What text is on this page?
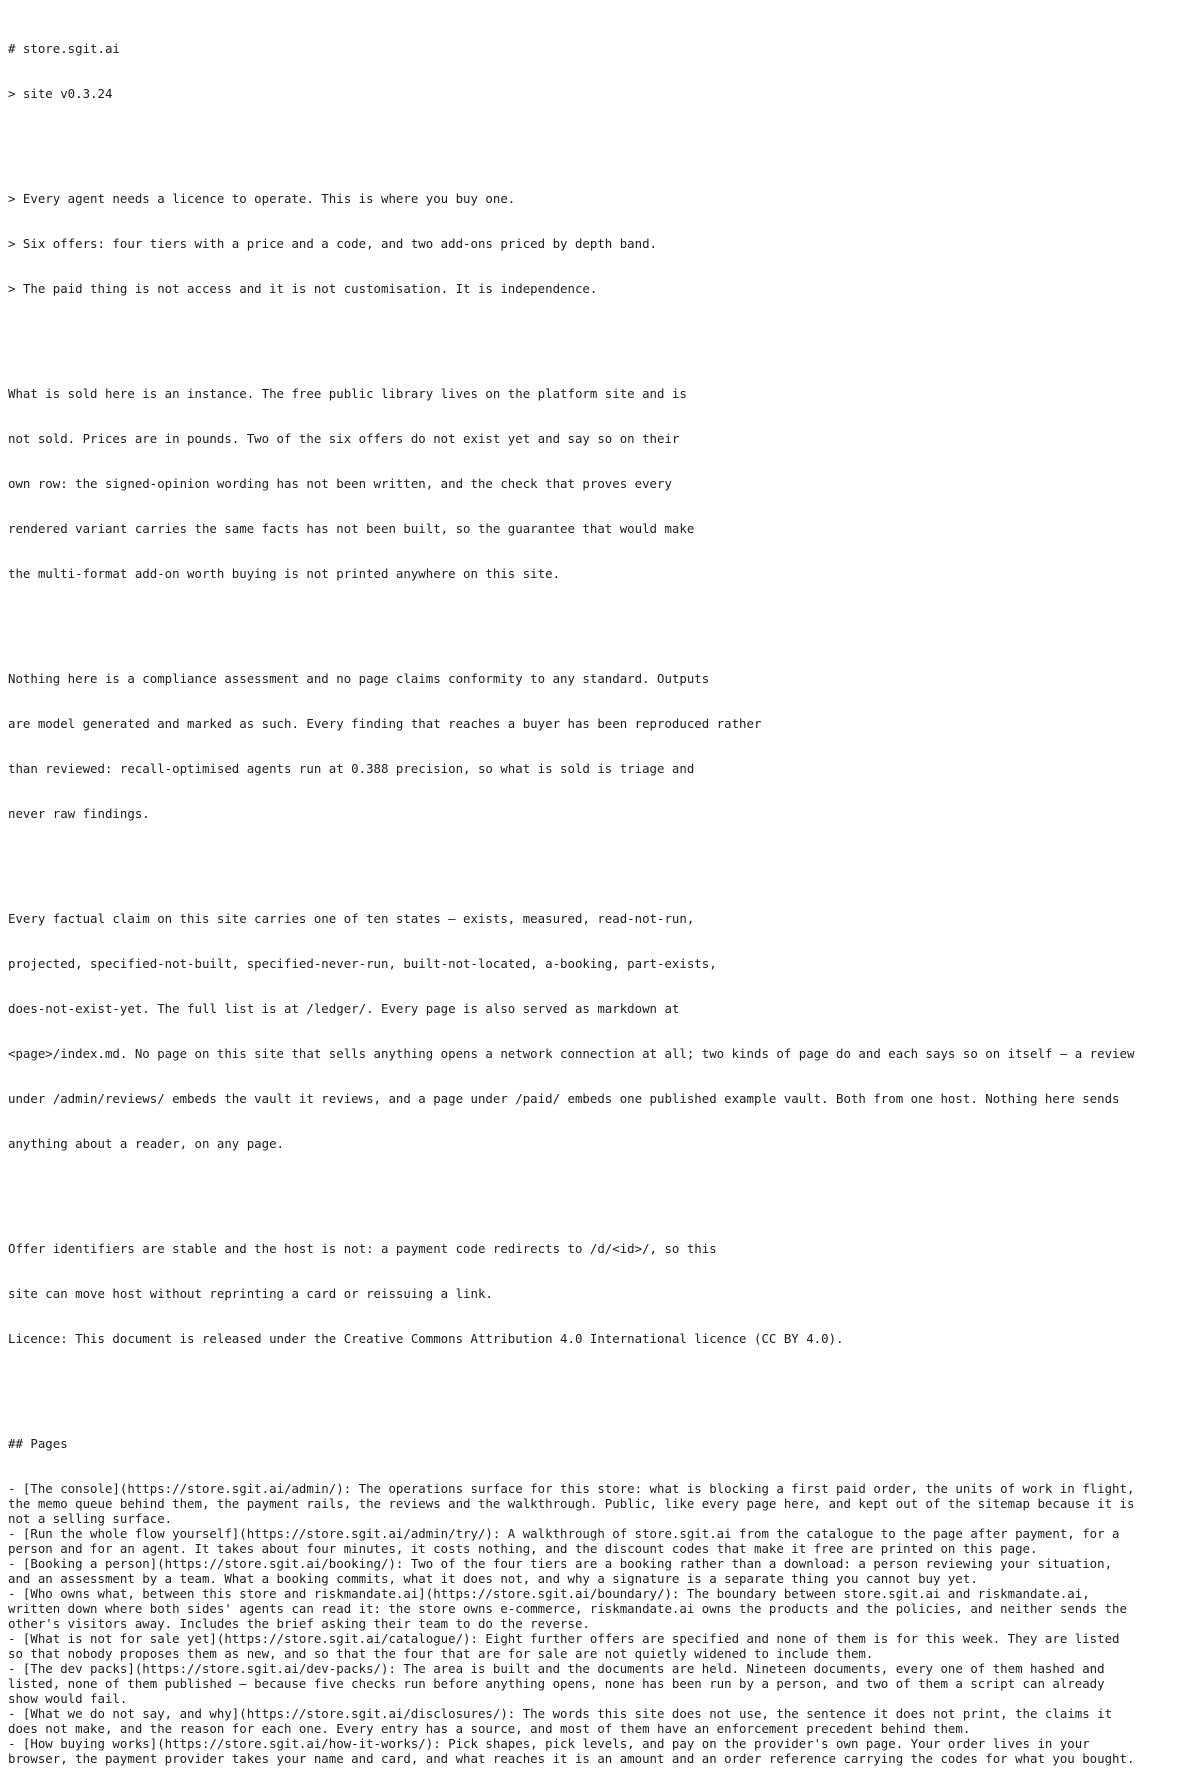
# store.sgit.ai

> site v0.3.24

> Every agent needs a licence to operate. This is where you buy one.

> Six offers: four tiers with a price and a code, and two add-ons priced by depth band.

> The paid thing is not access and it is not customisation. It is independence.

What is sold here is an instance. The free public library lives on the platform site and is

not sold. Prices are in pounds. Two of the six offers do not exist yet and say so on their

own row: the signed-opinion wording has not been written, and the check that proves every

rendered variant carries the same facts has not been built, so the guarantee that would make

the multi-format add-on worth buying is not printed anywhere on this site.

Nothing here is a compliance assessment and no page claims conformity to any standard. Outputs

are model generated and marked as such. Every finding that reaches a buyer has been reproduced rather

than reviewed: recall-optimised agents run at 0.388 precision, so what is sold is triage and

never raw findings.

Every factual claim on this site carries one of ten states — exists, measured, read-not-run,

projected, specified-not-built, specified-never-run, built-not-located, a-booking, part-exists,

does-not-exist-yet. The full list is at /ledger/. Every page is also served as markdown at

<page>/index.md. No page on this site that sells anything opens a network connection at all; two kinds of page do and each says so on itself — a review

under /admin/reviews/ embeds the vault it reviews, and a page under /paid/ embeds one published example vault. Both from one host. Nothing here sends

anything about a reader, on any page.

Offer identifiers are stable and the host is not: a payment code redirects to /d/<id>/, so this

site can move host without reprinting a card or reissuing a link.

Licence: This document is released under the Creative Commons Attribution 4.0 International licence (CC BY 4.0).

## Pages

- [The console](https://store.sgit.ai/admin/): The operations surface for this store: what is blocking a first paid order, the units of work in flight,
the memo queue behind them, the payment rails, the reviews and the walkthrough. Public, like every page here, and kept out of the sitemap because it is
not a selling surface.
- [Run the whole flow yourself](https://store.sgit.ai/admin/try/): A walkthrough of store.sgit.ai from the catalogue to the page after payment, for a
person and for an agent. It takes about four minutes, it costs nothing, and the discount codes that make it free are printed on this page.
- [Booking a person](https://store.sgit.ai/booking/): Two of the four tiers are a booking rather than a download: a person reviewing your situation,
and an assessment by a team. What a booking commits, what it does not, and why a signature is a separate thing you cannot buy yet.
- [Who owns what, between this store and riskmandate.ai](https://store.sgit.ai/boundary/): The boundary between store.sgit.ai and riskmandate.ai,
written down where both sides' agents can read it: the store owns e-commerce, riskmandate.ai owns the products and the policies, and neither sends the
other's visitors away. Includes the brief asking their team to do the reverse.
- [What is not for sale yet](https://store.sgit.ai/catalogue/): Eight further offers are specified and none of them is for this week. They are listed
so that nobody proposes them as new, and so that the four that are for sale are not quietly widened to include them.
- [The dev packs](https://store.sgit.ai/dev-packs/): The area is built and the documents are held. Nineteen documents, every one of them hashed and
listed, none of them published — because five checks run before anything opens, none has been run by a person, and two of them a script can already
show would fail.
- [What we do not say, and why](https://store.sgit.ai/disclosures/): The words this site does not use, the sentence it does not print, the claims it
does not make, and the reason for each one. Every entry has a source, and most of them have an enforcement precedent behind them.
- [How buying works](https://store.sgit.ai/how-it-works/): Pick shapes, pick levels, and pay on the provider's own page. Your order lives in your
browser, the payment provider takes your name and card, and what reaches it is an amount and an order reference carrying the codes for what you bought.
